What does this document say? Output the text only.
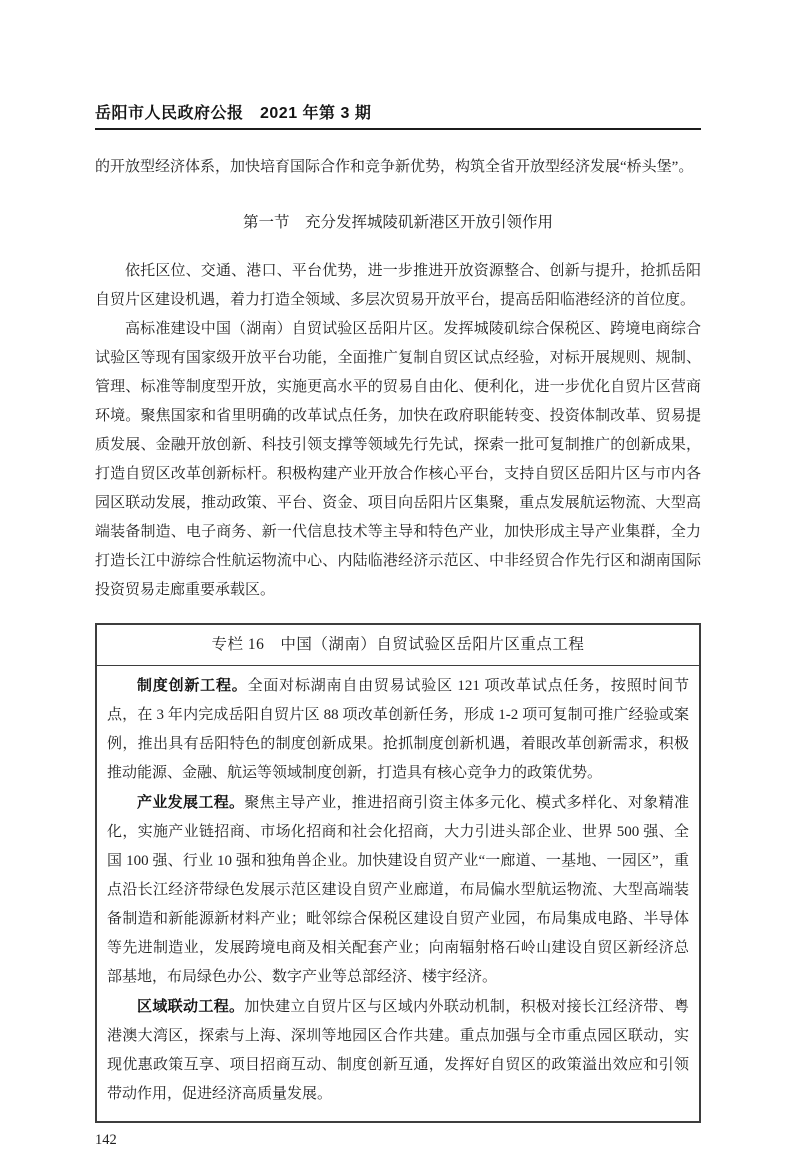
岳阳市人民政府公报　2021 年第 3 期

的开放型经济体系，加快培育国际合作和竞争新优势，构筑全省开放型经济发展“桥头堡”。

第一节　充分发挥城陵矶新港区开放引领作用

依托区位、交通、港口、平台优势，进一步推进开放资源整合、创新与提升，抢抓岳阳自贸片区建设机遇，着力打造全领域、多层次贸易开放平台，提高岳阳临港经济的首位度。

高标准建设中国（湖南）自贸试验区岳阳片区。发挥城陵矶综合保税区、跨境电商综合试验区等现有国家级开放平台功能，全面推广复制自贸区试点经验，对标开展规则、规制、管理、标准等制度型开放，实施更高水平的贸易自由化、便利化，进一步优化自贸片区营商环境。聚焦国家和省里明确的改革试点任务，加快在政府职能转变、投资体制改革、贸易提质发展、金融开放创新、科技引领支撑等领域先行先试，探索一批可复制推广的创新成果，打造自贸区改革创新标杆。积极构建产业开放合作核心平台，支持自贸区岳阳片区与市内各园区联动发展，推动政策、平台、资金、项目向岳阳片区集聚，重点发展航运物流、大型高端装备制造、电子商务、新一代信息技术等主导和特色产业，加快形成主导产业集群，全力打造长江中游综合性航运物流中心、内陆临港经济示范区、中非经贸合作先行区和湖南国际投资贸易走廊重要承载区。

专栏 16　中国（湖南）自贸试验区岳阳片区重点工程

制度创新工程。全面对标湖南自由贸易试验区 121 项改革试点任务，按照时间节点，在 3 年内完成岳阳自贸片区 88 项改革创新任务，形成 1-2 项可复制可推广经验或案例，推出具有岳阳特色的制度创新成果。抢抓制度创新机遇，着眼改革创新需求，积极推动能源、金融、航运等领域制度创新，打造具有核心竞争力的政策优势。

产业发展工程。聚焦主导产业，推进招商引资主体多元化、模式多样化、对象精准化，实施产业链招商、市场化招商和社会化招商，大力引进头部企业、世界 500 强、全国 100 强、行业 10 强和独角兽企业。加快建设自贸产业“一廊道、一基地、一园区”，重点沿长江经济带绿色发展示范区建设自贸产业廊道，布局偏水型航运物流、大型高端装备制造和新能源新材料产业；毗邻综合保税区建设自贸产业园，布局集成电路、半导体等先进制造业，发展跨境电商及相关配套产业；向南辐射格石岭山建设自贸区新经济总部基地，布局绿色办公、数字产业等总部经济、楼宇经济。

区域联动工程。加快建立自贸片区与区域内外联动机制，积极对接长江经济带、粤港澳大湾区，探索与上海、深圳等地园区合作共建。重点加强与全市重点园区联动，实现优惠政策互享、项目招商互动、制度创新互通，发挥好自贸区的政策溢出效应和引领带动作用，促进经济高质量发展。

142
